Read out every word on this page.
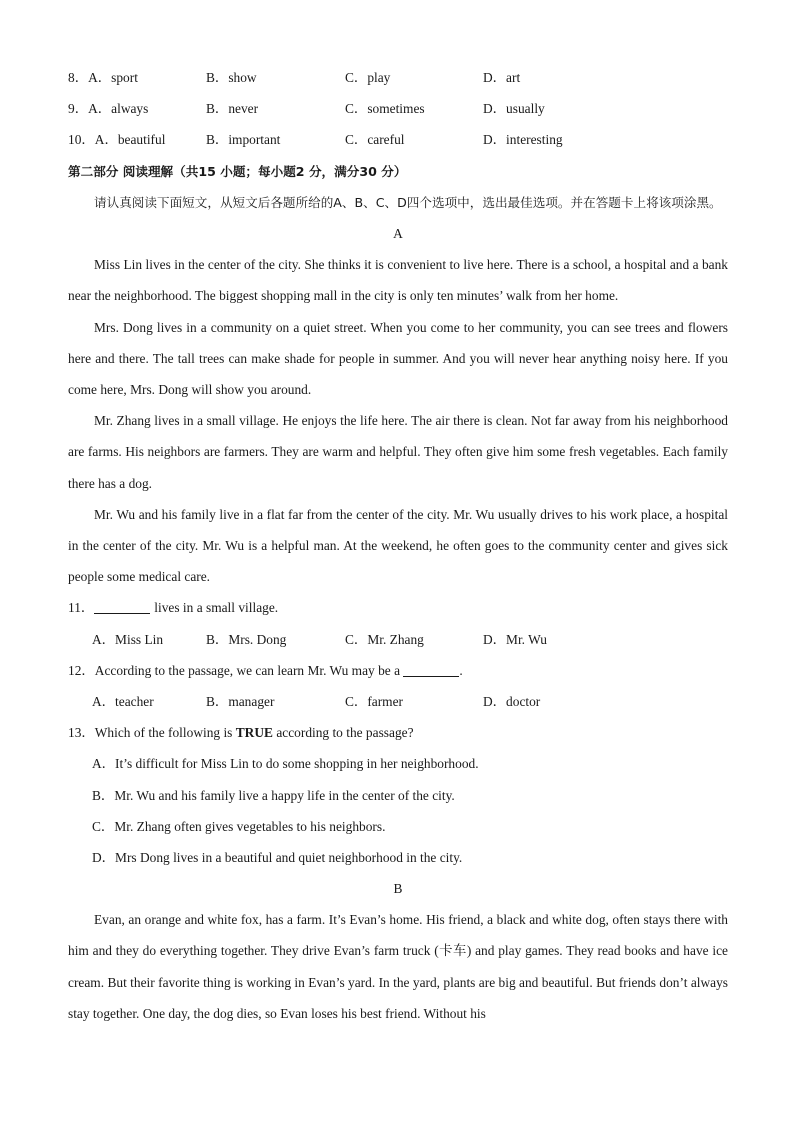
8．A．sport	B．show	C．play	D．art
9．A．always	B．never	C．sometimes	D．usually
10．A．beautiful	B．important	C．careful	D．interesting
第二部分 阅读理解（共15 小题；每小题2 分，满分30 分）

请认真阅读下面短文，从短文后各题所给的A、B、C、D四个选项中，选出最佳选项。并在答题卡上将该项涂黑。

A

Miss Lin lives in the center of the city. She thinks it is convenient to live here. There is a school, a hospital and a bank near the neighborhood. The biggest shopping mall in the city is only ten minutes’ walk from her home.

Mrs. Dong lives in a community on a quiet street. When you come to her community, you can see trees and flowers here and there. The tall trees can make shade for people in summer. And you will never hear anything noisy here. If you come here, Mrs. Dong will show you around.

Mr. Zhang lives in a small village. He enjoys the life here. The air there is clean. Not far away from his neighborhood are farms. His neighbors are farmers. They are warm and helpful. They often give him some fresh vegetables. Each family there has a dog.

Mr. Wu and his family live in a flat far from the center of the city. Mr. Wu usually drives to his work place, a hospital in the center of the city. Mr. Wu is a helpful man. At the weekend, he often goes to the community center and gives sick people some medical care.

11．	lives in a small village.
A．Miss Lin	B．Mrs. Dong	C．Mr. Zhang	D．Mr. Wu
12．According to the passage, we can learn Mr. Wu may be a	.
A．teacher	B．manager	C．farmer	D．doctor
13．Which of the following is TRUE according to the passage?
A．It’s difficult for Miss Lin to do some shopping in her neighborhood.
B．Mr. Wu and his family live a happy life in the center of the city.
C．Mr. Zhang often gives vegetables to his neighbors.
D．Mrs Dong lives in a beautiful and quiet neighborhood in the city.
B

Evan, an orange and white fox, has a farm. It’s Evan’s home. His friend, a black and white dog, often stays there with him and they do everything together. They drive Evan’s farm truck (卡车) and play games. They read books and have ice cream. But their favorite thing is working in Evan’s yard. In the yard, plants are big and beautiful. But friends don’t always stay together. One day, the dog dies, so Evan loses his best friend. Without his
